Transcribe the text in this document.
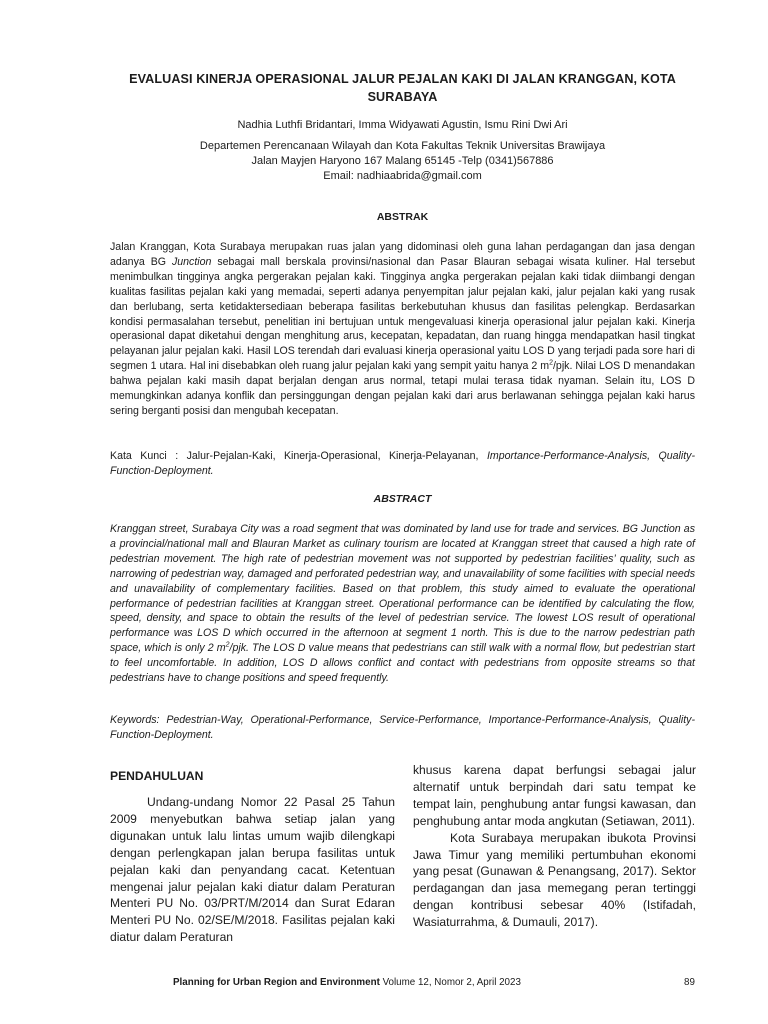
EVALUASI KINERJA OPERASIONAL JALUR PEJALAN KAKI DI JALAN KRANGGAN, KOTA SURABAYA
Nadhia Luthfi Bridantari, Imma Widyawati Agustin, Ismu Rini Dwi Ari
Departemen Perencanaan Wilayah dan Kota Fakultas Teknik Universitas Brawijaya
Jalan Mayjen Haryono 167 Malang 65145 -Telp (0341)567886
Email: nadhiaabrida@gmail.com
ABSTRAK

Jalan Kranggan, Kota Surabaya merupakan ruas jalan yang didominasi oleh guna lahan perdagangan dan jasa dengan adanya BG Junction sebagai mall berskala provinsi/nasional dan Pasar Blauran sebagai wisata kuliner. Hal tersebut menimbulkan tingginya angka pergerakan pejalan kaki. Tingginya angka pergerakan pejalan kaki tidak diimbangi dengan kualitas fasilitas pejalan kaki yang memadai, seperti adanya penyempitan jalur pejalan kaki, jalur pejalan kaki yang rusak dan berlubang, serta ketidaktersediaan beberapa fasilitas berkebutuhan khusus dan fasilitas pelengkap. Berdasarkan kondisi permasalahan tersebut, penelitian ini bertujuan untuk mengevaluasi kinerja operasional jalur pejalan kaki. Kinerja operasional dapat diketahui dengan menghitung arus, kecepatan, kepadatan, dan ruang hingga mendapatkan hasil tingkat pelayanan jalur pejalan kaki. Hasil LOS terendah dari evaluasi kinerja operasional yaitu LOS D yang terjadi pada sore hari di segmen 1 utara. Hal ini disebabkan oleh ruang jalur pejalan kaki yang sempit yaitu hanya 2 $m^2$/pjk. Nilai LOS D menandakan bahwa pejalan kaki masih dapat berjalan dengan arus normal, tetapi mulai terasa tidak nyaman. Selain itu, LOS D memungkinkan adanya konflik dan persinggungan dengan pejalan kaki dari arus berlawanan sehingga pejalan kaki harus sering berganti posisi dan mengubah kecepatan.

Kata Kunci : Jalur-Pejalan-Kaki, Kinerja-Operasional, Kinerja-Pelayanan, Importance-Performance-Analysis, Quality-Function-Deployment.

ABSTRACT

Kranggan street, Surabaya City was a road segment that was dominated by land use for trade and services. BG Junction as a provincial/national mall and Blauran Market as culinary tourism are located at Kranggan street that caused a high rate of pedestrian movement. The high rate of pedestrian movement was not supported by pedestrian facilities’ quality, such as narrowing of pedestrian way, damaged and perforated pedestrian way, and unavailability of some facilities with special needs and unavailability of complementary facilities. Based on that problem, this study aimed to evaluate the operational performance of pedestrian facilities at Kranggan street. Operational performance can be identified by calculating the flow, speed, density, and space to obtain the results of the level of pedestrian service. The lowest LOS result of operational performance was LOS D which occurred in the afternoon at segment 1 north. This is due to the narrow pedestrian path space, which is only 2 $m^2$/pjk. The LOS D value means that pedestrians can still walk with a normal flow, but pedestrian start to feel uncomfortable. In addition, LOS D allows conflict and contact with pedestrians from opposite streams so that pedestrians have to change positions and speed frequently.

Keywords: Pedestrian-Way, Operational-Performance, Service-Performance, Importance-Performance-Analysis, Quality-Function-Deployment.

PENDAHULUAN

Undang-undang Nomor 22 Pasal 25 Tahun 2009 menyebutkan bahwa setiap jalan yang digunakan untuk lalu lintas umum wajib dilengkapi dengan perlengkapan jalan berupa fasilitas untuk pejalan kaki dan penyandang cacat. Ketentuan mengenai jalur pejalan kaki diatur dalam Peraturan Menteri PU No. 03/PRT/M/2014 dan Surat Edaran Menteri PU No. 02/SE/M/2018. Fasilitas pejalan kaki diatur dalam Peraturan

khusus karena dapat berfungsi sebagai jalur alternatif untuk berpindah dari satu tempat ke tempat lain, penghubung antar fungsi kawasan, dan penghubung antar moda angkutan (Setiawan, 2011).

Kota Surabaya merupakan ibukota Provinsi Jawa Timur yang memiliki pertumbuhan ekonomi yang pesat (Gunawan & Penangsang, 2017). Sektor perdagangan dan jasa memegang peran tertinggi dengan kontribusi sebesar 40% (Istifadah, Wasiaturrahma, & Dumauli, 2017).

Planning for Urban Region and Environment Volume 12, Nomor 2, April 2023	89
